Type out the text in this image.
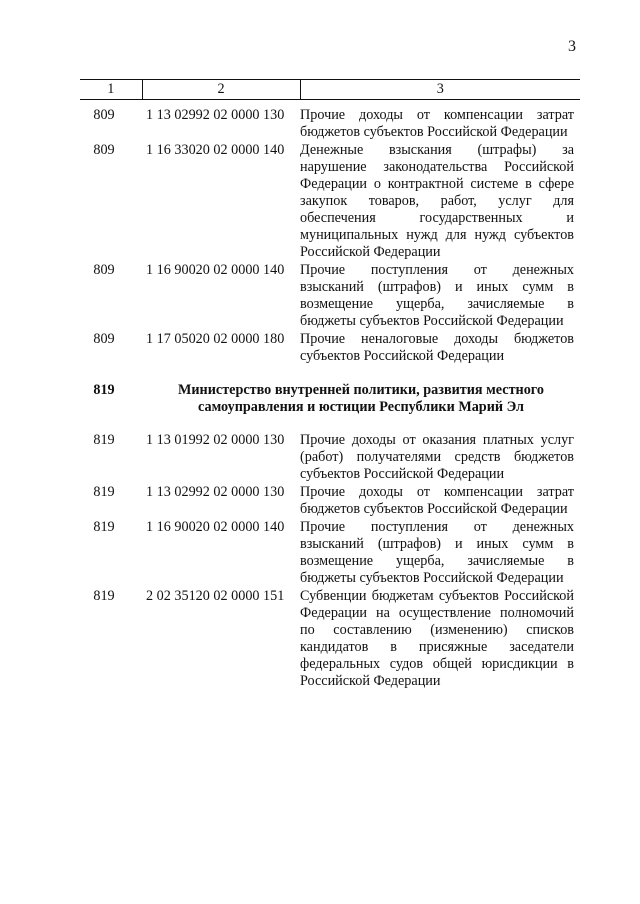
3
1	2	3

809	1 13 02992 02 0000 130	Прочие доходы от компенсации затрат бюджетов субъектов Российской Федерации
809	1 16 33020 02 0000 140	Денежные взыскания (штрафы) за нарушение законодательства Российской Федерации о контрактной системе в сфере закупок товаров, работ, услуг для обеспечения государственных и муниципальных нужд для нужд субъектов Российской Федерации
809	1 16 90020 02 0000 140	Прочие поступления от денежных взысканий (штрафов) и иных сумм в возмещение ущерба, зачисляемые в бюджеты субъектов Российской Федерации
809	1 17 05020 02 0000 180	Прочие неналоговые доходы бюджетов субъектов Российской Федерации
819	Министерство внутренней политики, развития местного самоуправления и юстиции Республики Марий Эл	
819	1 13 01992 02 0000 130	Прочие доходы от оказания платных услуг (работ) получателями средств бюджетов субъектов Российской Федерации
819	1 13 02992 02 0000 130	Прочие доходы от компенсации затрат бюджетов субъектов Российской Федерации
819	1 16 90020 02 0000 140	Прочие поступления от денежных взысканий (штрафов) и иных сумм в возмещение ущерба, зачисляемые в бюджеты субъектов Российской Федерации
819	2 02 35120 02 0000 151	Субвенции бюджетам субъектов Российской Федерации на осуществление полномочий по составлению (изменению) списков кандидатов в присяжные заседатели федеральных судов общей юрисдикции в Российской Федерации
